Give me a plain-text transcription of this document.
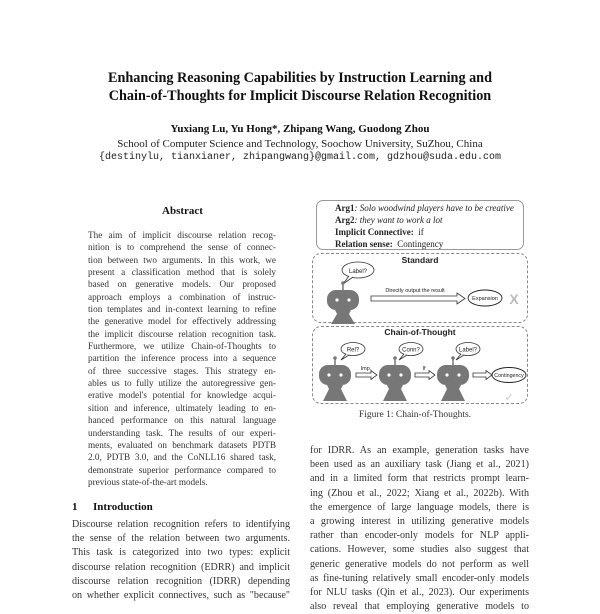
Enhancing Reasoning Capabilities by Instruction Learning and
Chain-of-Thoughts for Implicit Discourse Relation Recognition
Yuxiang Lu, Yu Hong*, Zhipang Wang, Guodong Zhou
School of Computer Science and Technology, Soochow University, SuZhou, China
{destinylu, tianxianer, zhipangwang}@gmail.com, gdzhou@suda.edu.com
Abstract
The aim of implicit discourse relation recog-
nition is to comprehend the sense of connec-
tion between two arguments. In this work, we
present a classification method that is solely
based on generative models. Our proposed
approach employs a combination of instruc-
tion templates and in-context learning to refine
the generative model for effectively addressing
the implicit discourse relation recognition task.
Furthermore, we utilize Chain-of-Thoughts to
partition the inference process into a sequence
of three successive stages. This strategy en-
ables us to fully utilize the autoregressive gen-
erative model's potential for knowledge acqui-
sition and inference, ultimately leading to en-
hanced performance on this natural language
understanding task. The results of our experi-
ments, evaluated on benchmark datasets PDTB
2.0, PDTB 3.0, and the CoNLL16 shared task,
demonstrate superior performance compared to
previous state-of-the-art models.
1 Introduction
Discourse relation recognition refers to identifying
the sense of the relation between two arguments.
This task is categorized into two types: explicit
discourse relation recognition (EDRR) and implicit
discourse relation recognition (IDRR) depending
on whether explicit connectives, such as "because"
Arg1: Solo woodwind players have to be creative
Arg2: they want to work a lot
Implicit Connective: if
Relation sense: Contingency
Standard
Label?
Directly output the result
Expansion X
Chain-of-Thought
Rel?
Imp.
Conn?
If
Label?
Contingency
✓
Figure 1: Chain-of-Thoughts.
for IDRR. As an example, generation tasks have
been used as an auxiliary task (Jiang et al., 2021)
and in a limited form that restricts prompt learn-
ing (Zhou et al., 2022; Xiang et al., 2022b). With
the emergence of large language models, there is
a growing interest in utilizing generative models
rather than encoder-only models for NLP appli-
cations. However, some studies also suggest that
generic generative models do not perform as well
as fine-tuning relatively small encoder-only models
for NLU tasks (Qin et al., 2023). Our experiments
also reveal that employing generative models to
